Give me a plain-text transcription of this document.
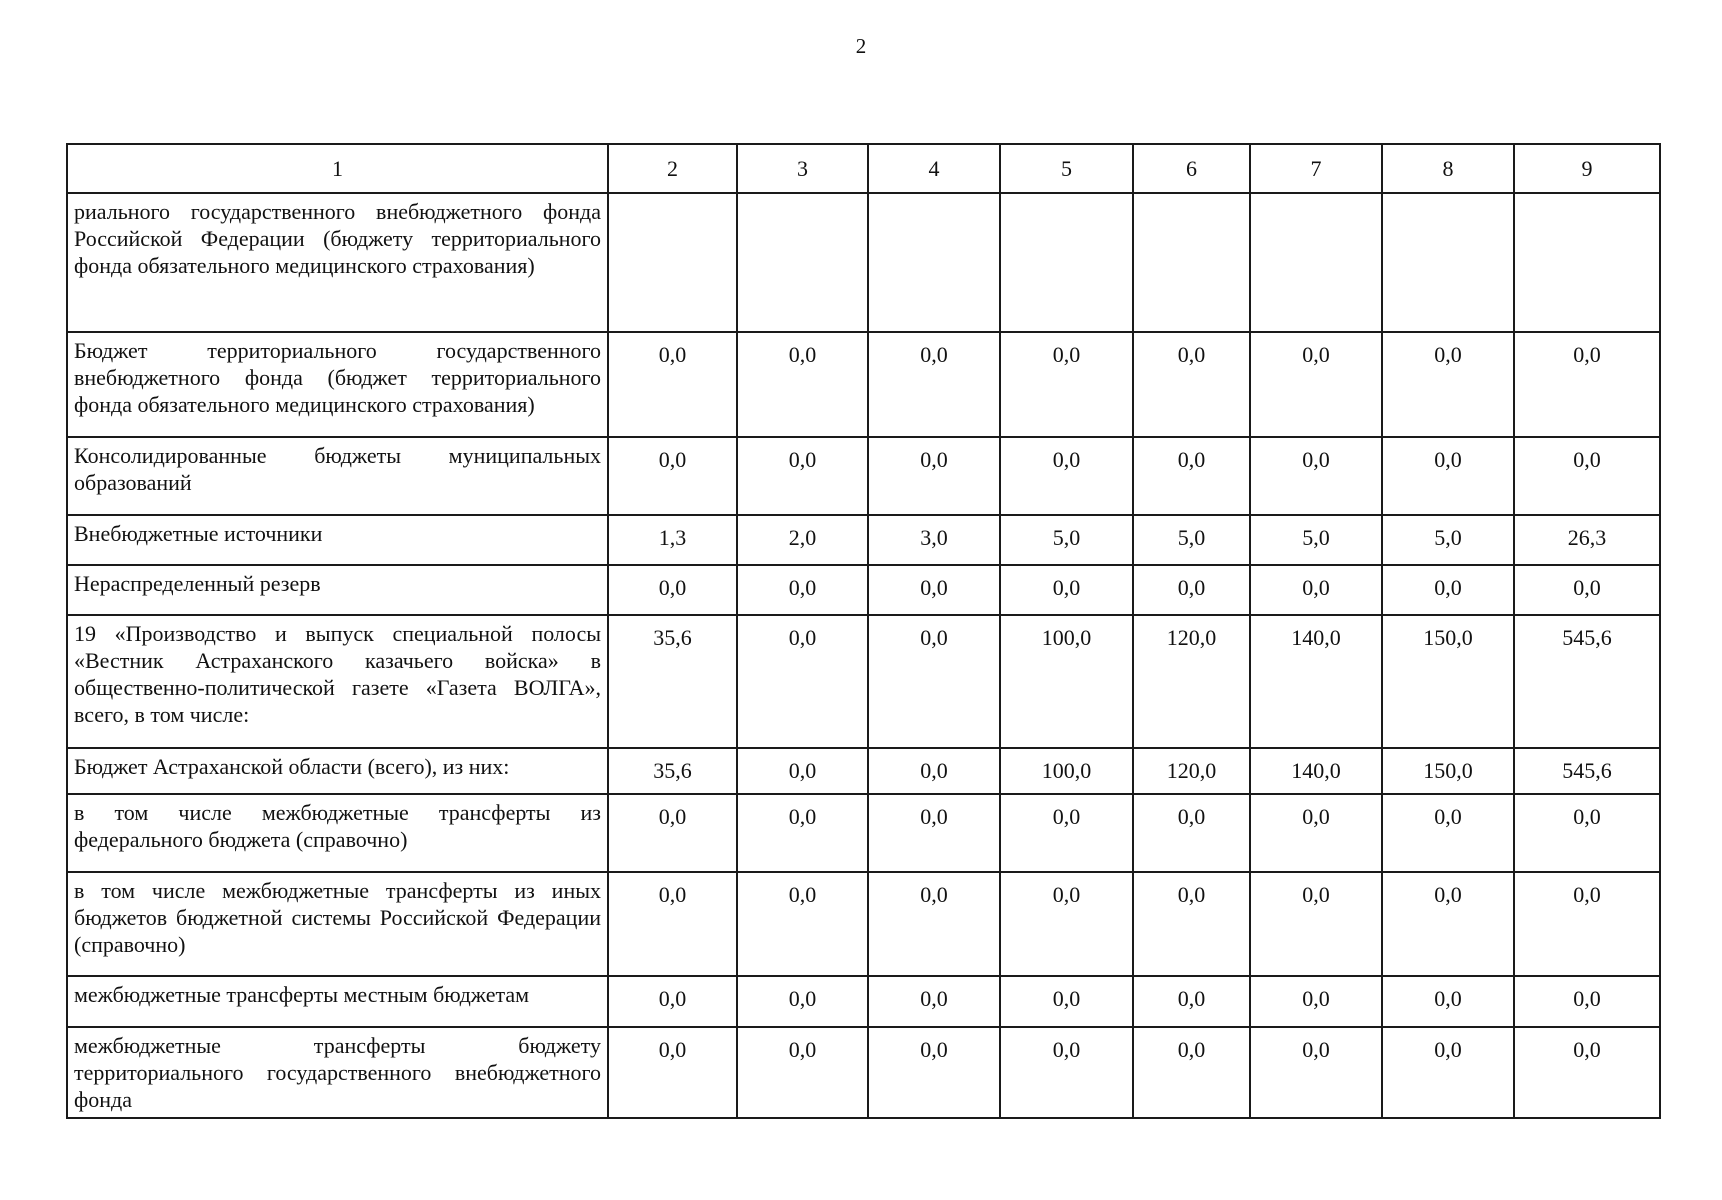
2
1	2	3	4	5	6	7	8	9
риального государственного внебюджетного фонда Российской Федерации (бюджету территориального фонда обязательного медицинского страхования)								
Бюджет территориального государственного внебюджетного фонда (бюджет территориального фонда обязательного медицинского страхования)	0,0	0,0	0,0	0,0	0,0	0,0	0,0	0,0
Консолидированные бюджеты муниципальных образований	0,0	0,0	0,0	0,0	0,0	0,0	0,0	0,0
Внебюджетные источники	1,3	2,0	3,0	5,0	5,0	5,0	5,0	26,3
Нераспределенный резерв	0,0	0,0	0,0	0,0	0,0	0,0	0,0	0,0
19 «Производство и выпуск специальной полосы «Вестник Астраханского казачьего войска» в общественно-политической газете «Газета ВОЛГА», всего, в том числе:	35,6	0,0	0,0	100,0	120,0	140,0	150,0	545,6
Бюджет Астраханской области (всего), из них:	35,6	0,0	0,0	100,0	120,0	140,0	150,0	545,6
в том числе межбюджетные трансферты из федерального бюджета (справочно)	0,0	0,0	0,0	0,0	0,0	0,0	0,0	0,0
в том числе межбюджетные трансферты из иных бюджетов бюджетной системы Российской Федерации (справочно)	0,0	0,0	0,0	0,0	0,0	0,0	0,0	0,0
межбюджетные трансферты местным бюджетам	0,0	0,0	0,0	0,0	0,0	0,0	0,0	0,0
межбюджетные трансферты бюджету территориального государственного внебюджетного фонда	0,0	0,0	0,0	0,0	0,0	0,0	0,0	0,0
